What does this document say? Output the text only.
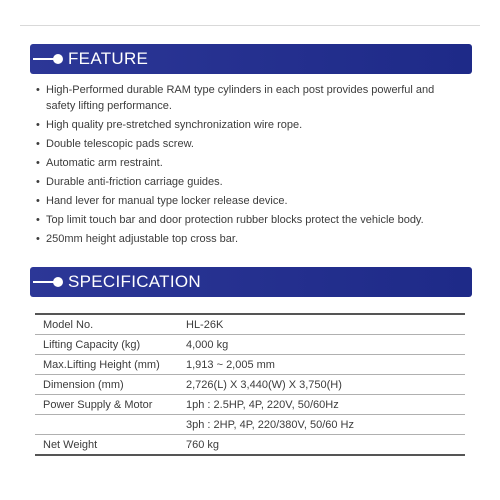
FEATURE
• High-Performed durable RAM type cylinders in each post provides powerful and safety lifting performance.
• High quality pre-stretched synchronization wire rope.
• Double telescopic pads screw.
• Automatic arm restraint.
• Durable anti-friction carriage guides.
• Hand lever for manual type locker release device.
• Top limit touch bar and door protection rubber blocks protect the vehicle body.
• 250mm height adjustable top cross bar.
SPECIFICATION
Model No.	HL-26K
Lifting Capacity (kg)	4,000 kg
Max.Lifting Height (mm)	1,913 ~ 2,005 mm
Dimension (mm)	2,726(L) X 3,440(W) X 3,750(H)
Power Supply & Motor	1ph : 2.5HP, 4P, 220V, 50/60Hz
	3ph : 2HP, 4P, 220/380V, 50/60 Hz
Net Weight	760 kg
